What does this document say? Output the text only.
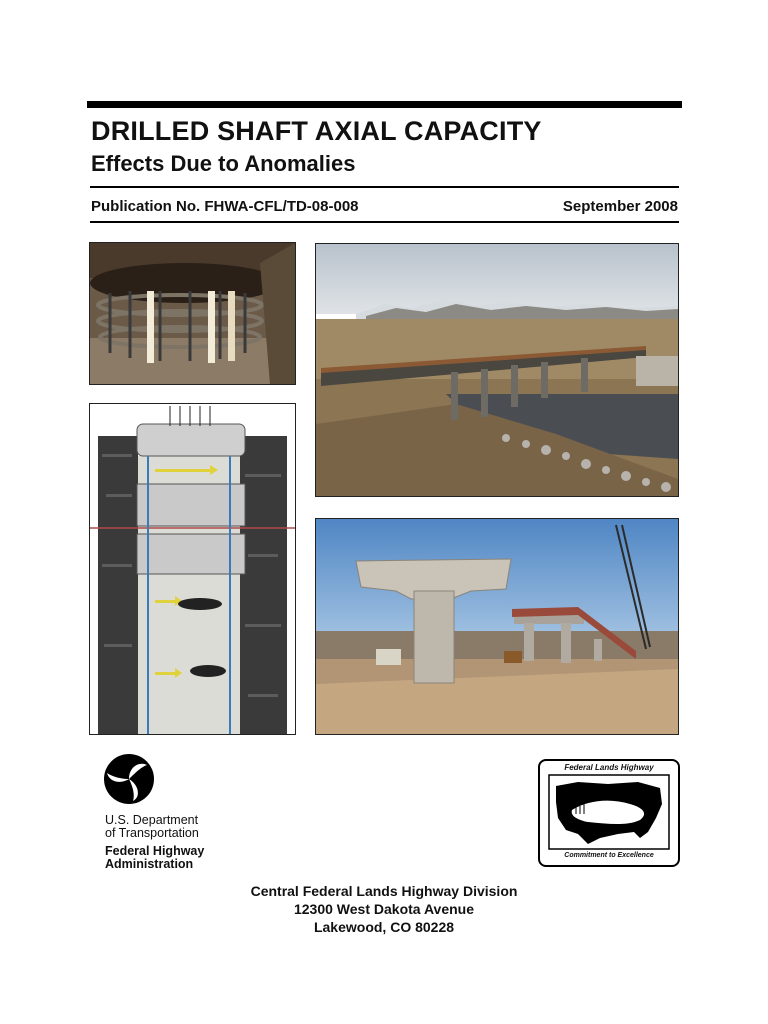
DRILLED SHAFT AXIAL CAPACITY
Effects Due to Anomalies
Publication No. FHWA-CFL/TD-08-008	September 2008
U.S. Department
of Transportation
Federal Highway
Administration
Federal Lands Highway
Commitment to Excellence
Central Federal Lands Highway Division
12300 West Dakota Avenue
Lakewood, CO 80228
